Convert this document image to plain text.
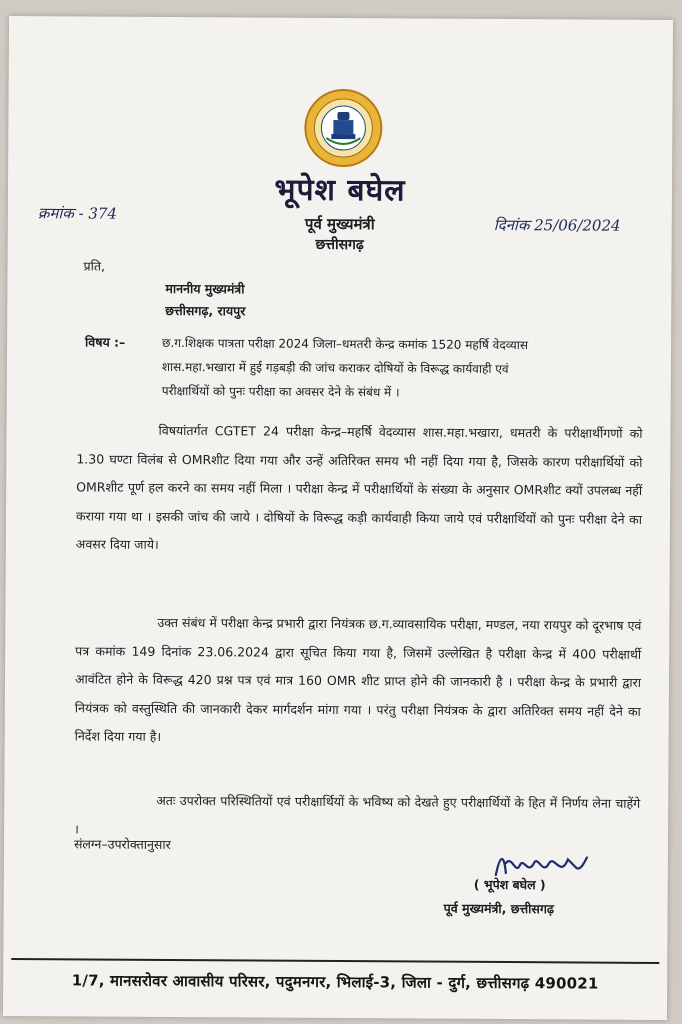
भूपेश बघेल
क्रमांक - 374
पूर्व मुख्यमंत्री
छत्तीसगढ़
दिनांक 25/06/2024
प्रति,
माननीय मुख्यमंत्री
छत्तीसगढ़, रायपुर
विषय :–	छ.ग.शिक्षक पात्रता परीक्षा 2024 जिला–धमतरी केन्द्र कमांक 1520 महर्षि वेदव्यास
शास.महा.भखारा में हुई गड़बड़ी की जांच कराकर दोषियों के विरूद्ध कार्यवाही एवं
परीक्षार्थियों को पुनः परीक्षा का अवसर देने के संबंध में ।

विषयांतर्गत CGTET 24 परीक्षा केन्द्र–महर्षि वेदव्यास शास.महा.भखारा, धमतरी के परीक्षार्थीगणों को 1.30 घण्टा विलंब से OMRशीट दिया गया और उन्हें अतिरिक्त समय भी नहीं दिया गया है, जिसके कारण परीक्षार्थियों को OMRशीट पूर्ण हल करने का समय नहीं मिला । परीक्षा केन्द्र में परीक्षार्थियों के संख्या के अनुसार OMRशीट क्यों उपलब्ध नहीं कराया गया था । इसकी जांच की जाये । दोषियों के विरूद्ध कड़ी कार्यवाही किया जाये एवं परीक्षार्थियों को पुनः परीक्षा देने का अवसर दिया जाये।

उक्त संबंध में परीक्षा केन्द्र प्रभारी द्वारा नियंत्रक छ.ग.व्यावसायिक परीक्षा, मण्डल, नया रायपुर को दूरभाष एवं पत्र कमांक 149 दिनांक 23.06.2024 द्वारा सूचित किया गया है, जिसमें उल्लेखित है परीक्षा केन्द्र में 400 परीक्षार्थी आवंटित होने के विरूद्ध 420 प्रश्न पत्र एवं मात्र 160 OMR शीट प्राप्त होने की जानकारी है । परीक्षा केन्द्र के प्रभारी द्वारा नियंत्रक को वस्तुस्थिति की जानकारी देकर मार्गदर्शन मांगा गया । परंतु परीक्षा नियंत्रक के द्वारा अतिरिक्त समय नहीं देने का निर्देश दिया गया है।

अतः उपरोक्त परिस्थितियों एवं परीक्षार्थियों के भविष्य को देखते हुए परीक्षार्थियों के हित में निर्णय लेना चाहेंगे ।

संलग्न–उपरोक्तानुसार
( भूपेश बघेल )
पूर्व मुख्यमंत्री, छत्तीसगढ़
1/7, मानसरोवर आवासीय परिसर, पदुमनगर, भिलाई-3, जिला - दुर्ग, छत्तीसगढ़ 490021
